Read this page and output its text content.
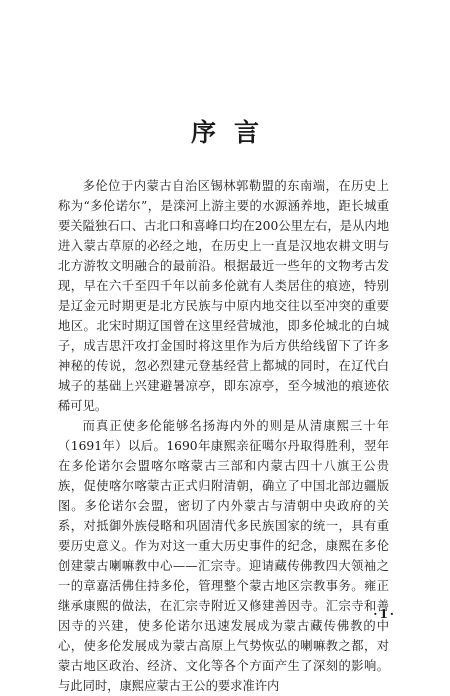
序言

多伦位于内蒙古自治区锡林郭勒盟的东南端，在历史上称为“多伦诺尔”，是滦河上游主要的水源涵养地，距长城重要关隘独石口、古北口和喜峰口均在200公里左右，是从内地进入蒙古草原的必经之地，在历史上一直是汉地农耕文明与北方游牧文明融合的最前沿。根据最近一些年的文物考古发现，早在六千至四千年以前多伦就有人类居住的痕迹，特别是辽金元时期更是北方民族与中原内地交往以至冲突的重要地区。北宋时期辽国曾在这里经营城池，即多伦城北的白城子，成吉思汗攻打金国时将这里作为后方供给线留下了许多神秘的传说，忽必烈建元登基经营上都城的同时，在辽代白城子的基础上兴建避暑凉亭，即东凉亭，至今城池的痕迹依稀可见。

而真正使多伦能够名扬海内外的则是从清康熙三十年（1691年）以后。1690年康熙亲征噶尔丹取得胜利，翌年在多伦诺尔会盟喀尔喀蒙古三部和内蒙古四十八旗王公贵族，促使喀尔喀蒙古正式归附清朝，确立了中国北部边疆版图。多伦诺尔会盟，密切了内外蒙古与清朝中央政府的关系，对抵御外族侵略和巩固清代多民族国家的统一，具有重要历史意义。作为对这一重大历史事件的纪念，康熙在多伦创建蒙古喇嘛教中心——汇宗寺。迎请藏传佛教四大领袖之一的章嘉活佛住持多伦，管理整个蒙古地区宗教事务。雍正继承康熙的做法，在汇宗寺附近又修建善因寺。汇宗寺和善因寺的兴建，使多伦诺尔迅速发展成为蒙古藏传佛教的中心，使多伦发展成为蒙古高原上气势恢弘的喇嘛教之都，对蒙古地区政治、经济、文化等各个方面产生了深刻的影响。与此同时，康熙应蒙古王公的要求准许内

·1·
